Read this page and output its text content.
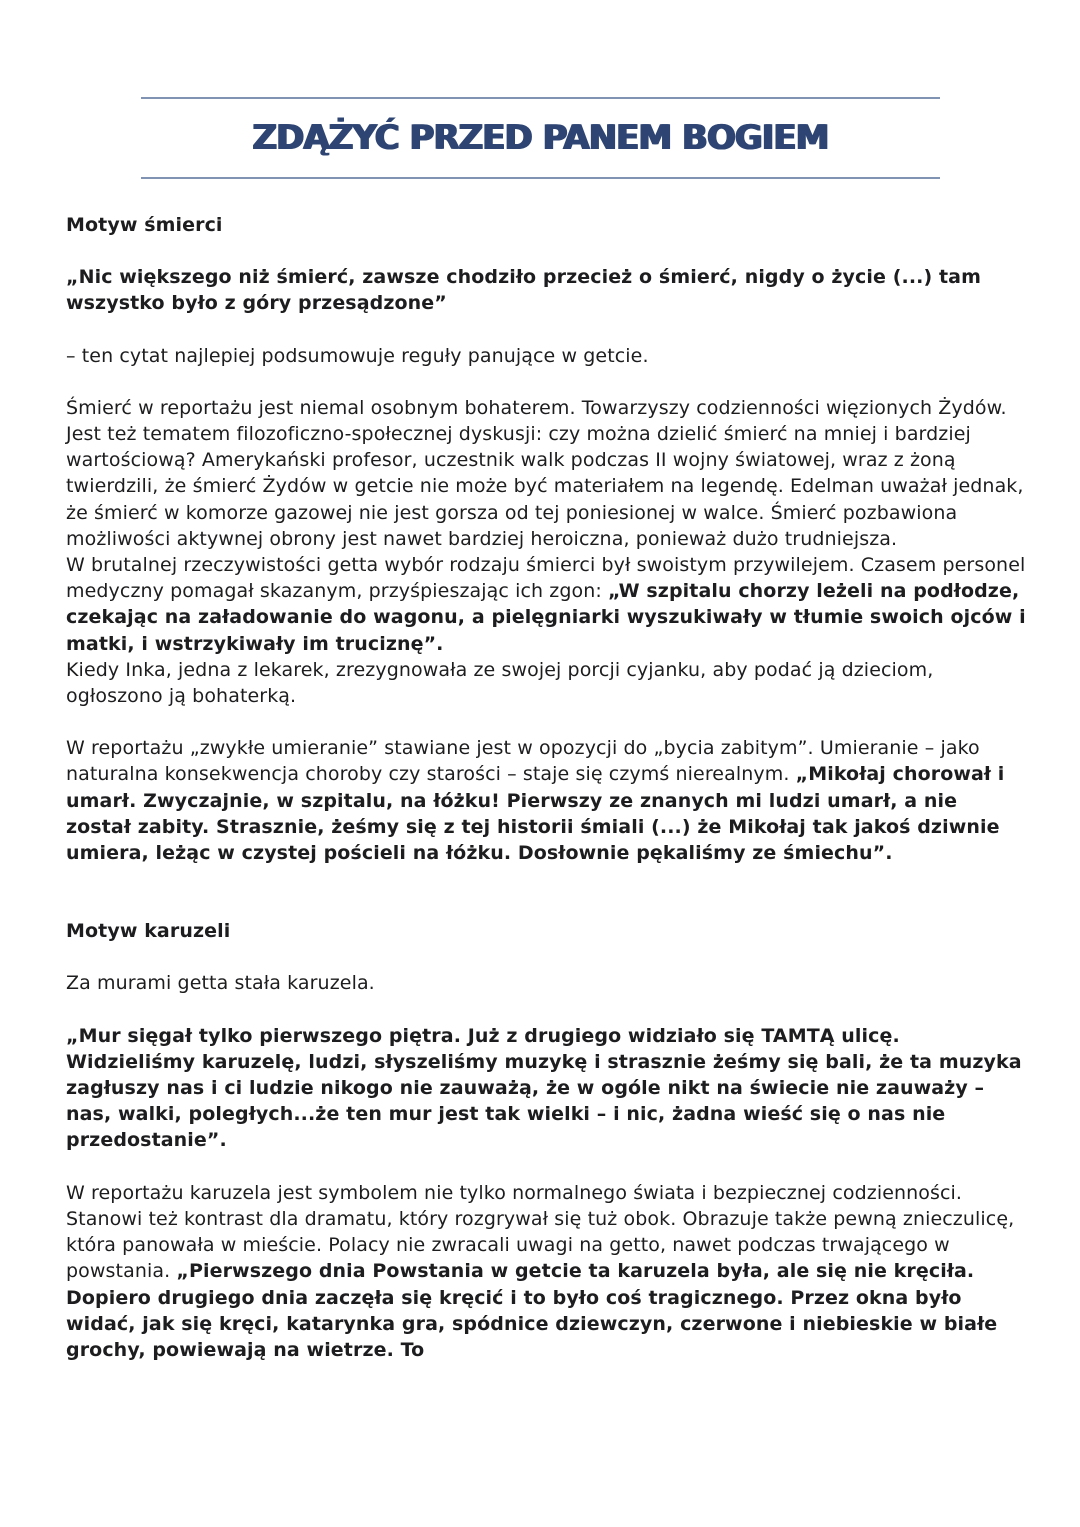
ZDĄŻYĆ PRZED PANEM BOGIEM

Motyw śmierci

„Nic większego niż śmierć, zawsze chodziło przecież o śmierć, nigdy o życie (...) tam wszystko było z góry przesądzone”

– ten cytat najlepiej podsumowuje reguły panujące w getcie.

Śmierć w reportażu jest niemal osobnym bohaterem. Towarzyszy codzienności więzionych Żydów. Jest też tematem filozoficzno-społecznej dyskusji: czy można dzielić śmierć na mniej i bardziej wartościową? Amerykański profesor, uczestnik walk podczas II wojny światowej, wraz z żoną twierdzili, że śmierć Żydów w getcie nie może być materiałem na legendę. Edelman uważał jednak, że śmierć w komorze gazowej nie jest gorsza od tej poniesionej w walce. Śmierć pozbawiona możliwości aktywnej obrony jest nawet bardziej heroiczna, ponieważ dużo trudniejsza.

W brutalnej rzeczywistości getta wybór rodzaju śmierci był swoistym przywilejem. Czasem personel medyczny pomagał skazanym, przyśpieszając ich zgon: „W szpitalu chorzy leżeli na podłodze, czekając na załadowanie do wagonu, a pielęgniarki wyszukiwały w tłumie swoich ojców i matki, i wstrzykiwały im truciznę”.

Kiedy Inka, jedna z lekarek, zrezygnowała ze swojej porcji cyjanku, aby podać ją dzieciom, ogłoszono ją bohaterką.

W reportażu „zwykłe umieranie” stawiane jest w opozycji do „bycia zabitym”. Umieranie – jako naturalna konsekwencja choroby czy starości – staje się czymś nierealnym. „Mikołaj chorował i umarł. Zwyczajnie, w szpitalu, na łóżku! Pierwszy ze znanych mi ludzi umarł, a nie został zabity. Strasznie, żeśmy się z tej historii śmiali (...) że Mikołaj tak jakoś dziwnie umiera, leżąc w czystej pościeli na łóżku. Dosłownie pękaliśmy ze śmiechu”.

Motyw karuzeli

Za murami getta stała karuzela.

„Mur sięgał tylko pierwszego piętra. Już z drugiego widziało się TAMTĄ ulicę. Widzieliśmy karuzelę, ludzi, słyszeliśmy muzykę i strasznie żeśmy się bali, że ta muzyka zagłuszy nas i ci ludzie nikogo nie zauważą, że w ogóle nikt na świecie nie zauważy – nas, walki, poległych...że ten mur jest tak wielki – i nic, żadna wieść się o nas nie przedostanie”.

W reportażu karuzela jest symbolem nie tylko normalnego świata i bezpiecznej codzienności. Stanowi też kontrast dla dramatu, który rozgrywał się tuż obok. Obrazuje także pewną znieczulicę, która panowała w mieście. Polacy nie zwracali uwagi na getto, nawet podczas trwającego w powstania. „Pierwszego dnia Powstania w getcie ta karuzela była, ale się nie kręciła. Dopiero drugiego dnia zaczęła się kręcić i to było coś tragicznego. Przez okna było widać, jak się kręci, katarynka gra, spódnice dziewczyn, czerwone i niebieskie w białe grochy, powiewają na wietrze. To
